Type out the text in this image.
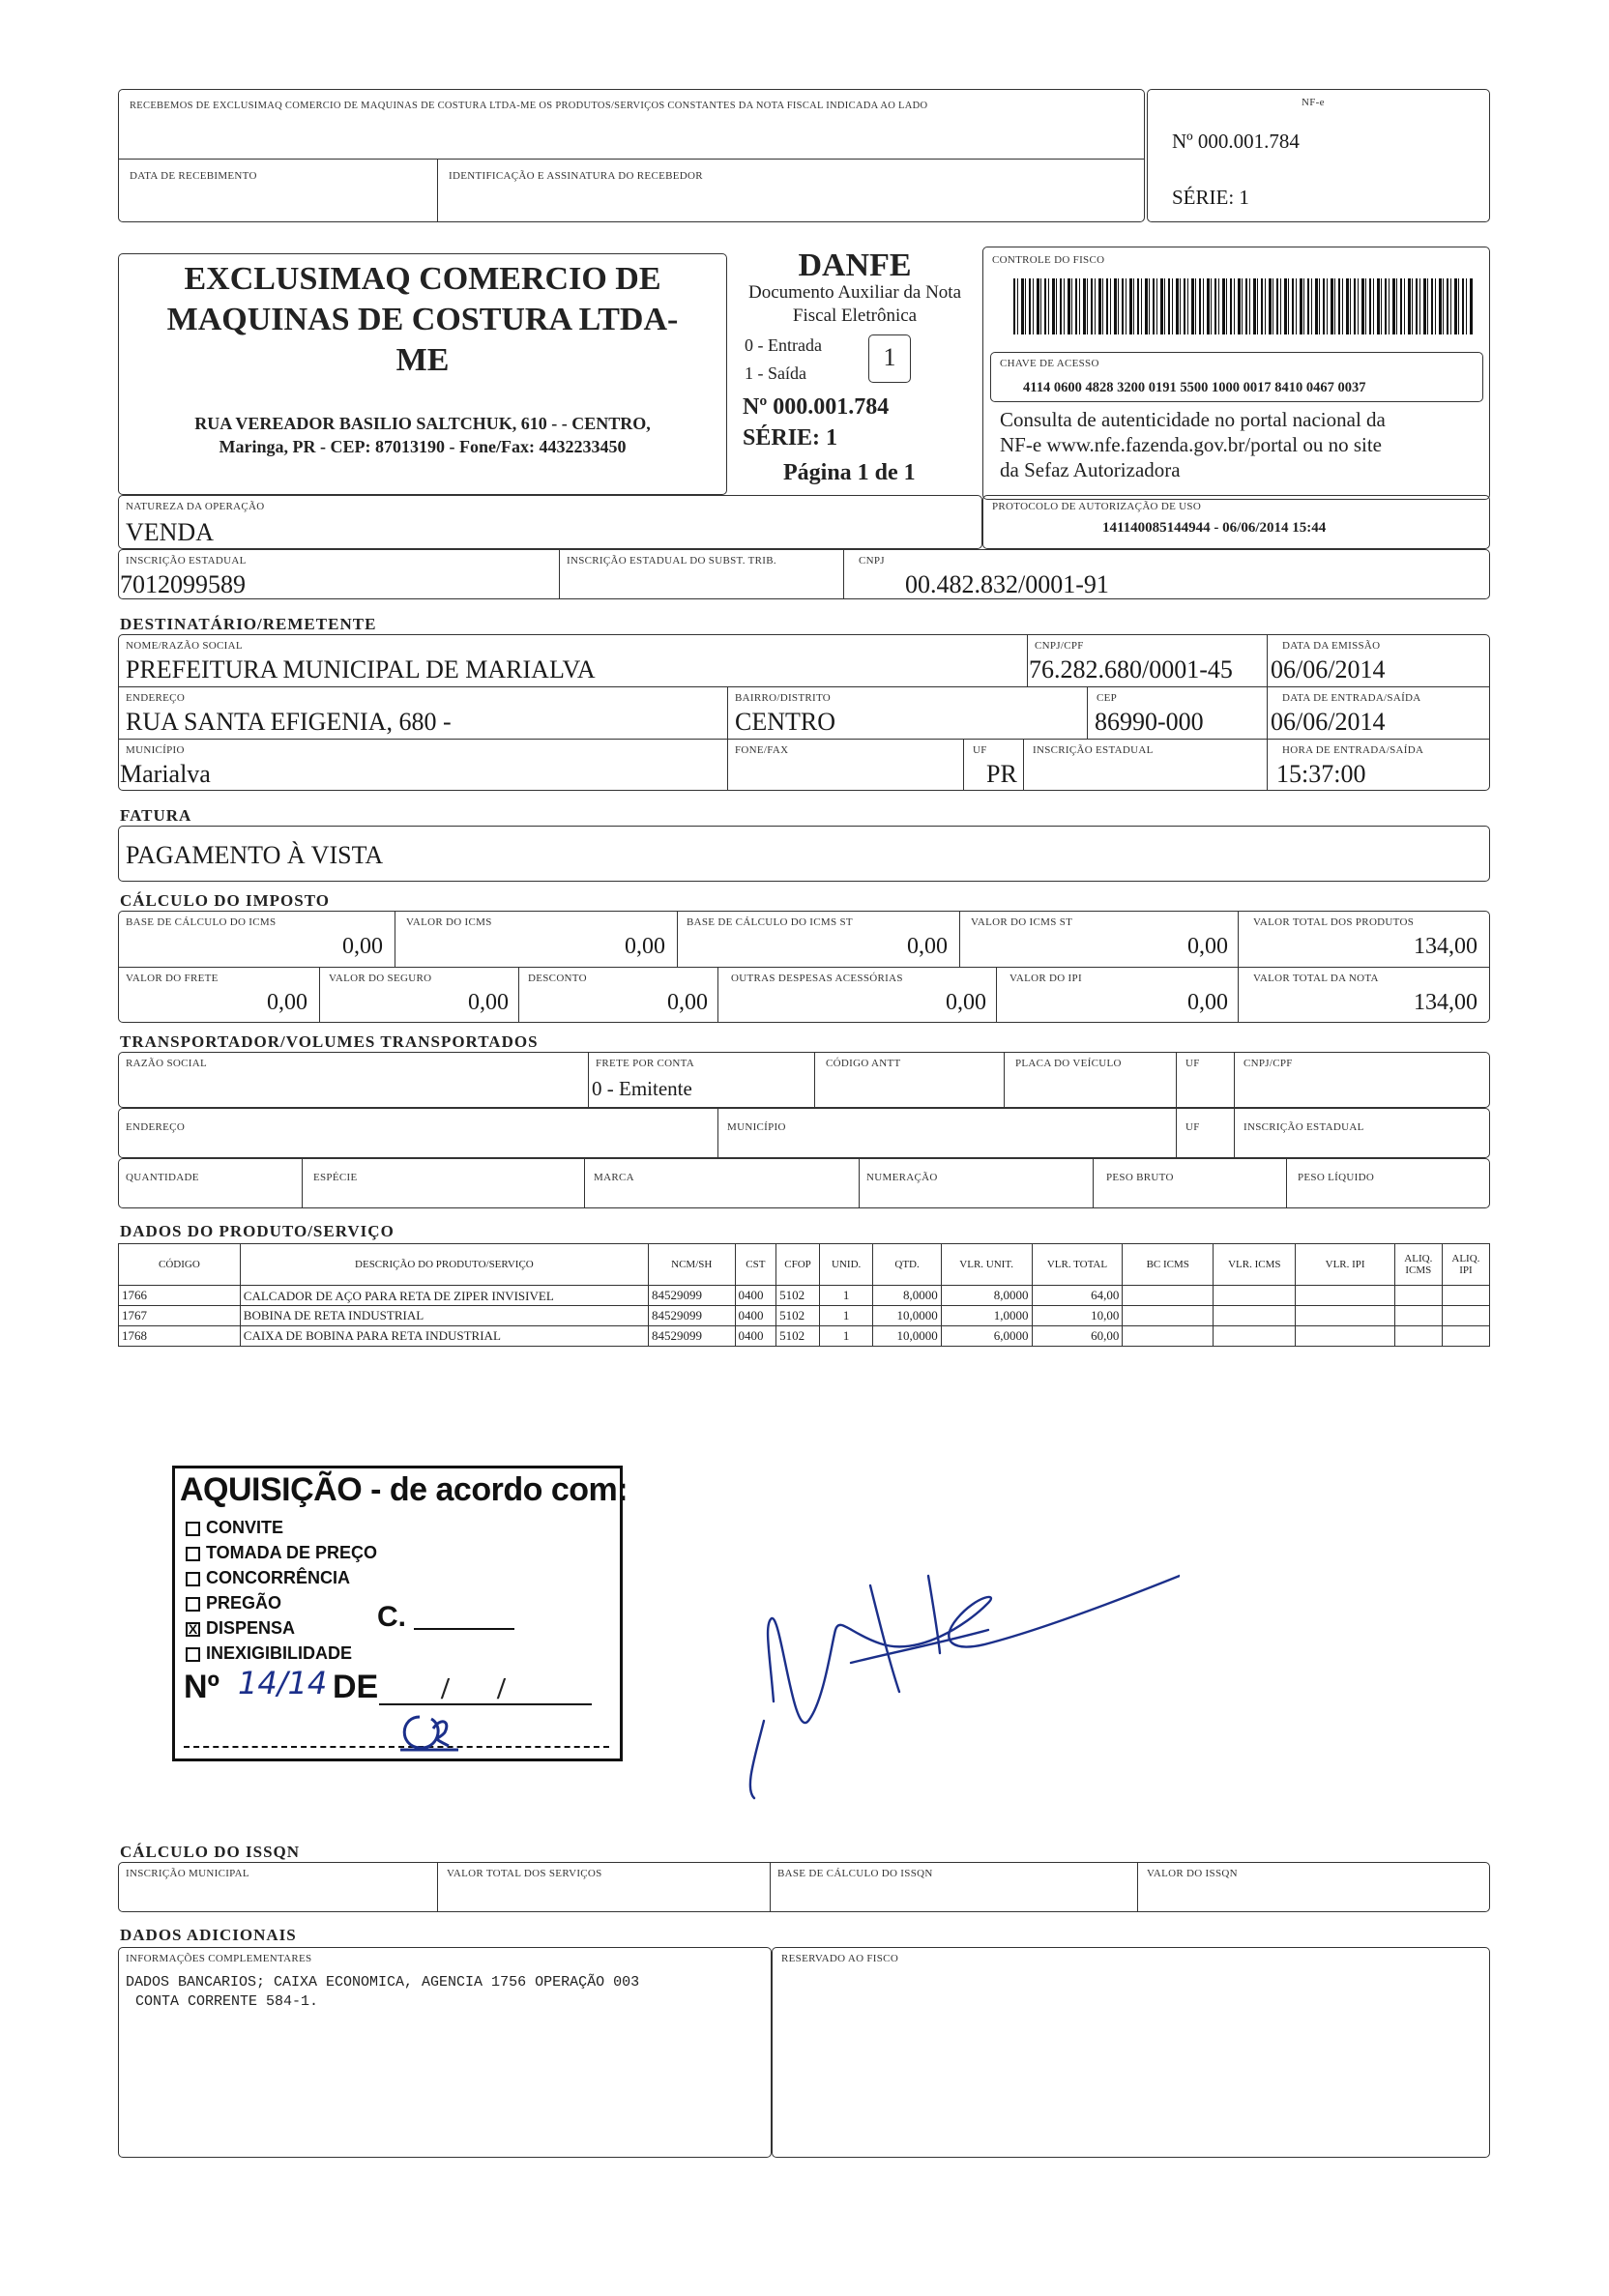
RECEBEMOS DE EXCLUSIMAQ COMERCIO DE MAQUINAS DE COSTURA LTDA-ME OS PRODUTOS/SERVIÇOS CONSTANTES DA NOTA FISCAL INDICADA AO LADO
DATA DE RECEBIMENTO	IDENTIFICAÇÃO E ASSINATURA DO RECEBEDOR
NF-e
Nº 000.001.784
SÉRIE: 1
EXCLUSIMAQ COMERCIO DE
MAQUINAS DE COSTURA LTDA-
ME
RUA VEREADOR BASILIO SALTCHUK, 610 - - CENTRO,
Maringa, PR - CEP: 87013190 - Fone/Fax: 4432233450
DANFE
Documento Auxiliar da Nota
Fiscal Eletrônica
0 - Entrada
1 - Saída
1
Nº 000.001.784
SÉRIE: 1
Página 1 de 1
CONTROLE DO FISCO
CHAVE DE ACESSO
4114 0600 4828 3200 0191 5500 1000 0017 8410 0467 0037
Consulta de autenticidade no portal nacional da
NF-e www.nfe.fazenda.gov.br/portal ou no site
da Sefaz Autorizadora
NATUREZA DA OPERAÇÃO
VENDA
PROTOCOLO DE AUTORIZAÇÃO DE USO
141140085144944 - 06/06/2014 15:44
INSCRIÇÃO ESTADUAL
7012099589
INSCRIÇÃO ESTADUAL DO SUBST. TRIB.	CNPJ
00.482.832/0001-91
DESTINATÁRIO/REMETENTE
NOME/RAZÃO SOCIAL
PREFEITURA MUNICIPAL DE MARIALVA
CNPJ/CPF
76.282.680/0001-45
DATA DA EMISSÃO
06/06/2014
ENDEREÇO
RUA SANTA EFIGENIA, 680 -
BAIRRO/DISTRITO
CENTRO
CEP
86990-000
DATA DE ENTRADA/SAÍDA
06/06/2014
MUNICÍPIO
Marialva
FONE/FAX	UF
PR
INSCRIÇÃO ESTADUAL	HORA DE ENTRADA/SAÍDA
15:37:00
FATURA
PAGAMENTO À VISTA
CÁLCULO DO IMPOSTO
BASE DE CÁLCULO DO ICMS
0,00
VALOR DO ICMS
0,00
BASE DE CÁLCULO DO ICMS ST
0,00
VALOR DO ICMS ST
0,00
VALOR TOTAL DOS PRODUTOS
134,00
VALOR DO FRETE
0,00
VALOR DO SEGURO
0,00
DESCONTO
0,00
OUTRAS DESPESAS ACESSÓRIAS
0,00
VALOR DO IPI
0,00
VALOR TOTAL DA NOTA
134,00
TRANSPORTADOR/VOLUMES TRANSPORTADOS
RAZÃO SOCIAL	FRETE POR CONTA
0 - Emitente
CÓDIGO ANTT	PLACA DO VEÍCULO	UF	CNPJ/CPF
ENDEREÇO	MUNICÍPIO	UF	INSCRIÇÃO ESTADUAL
QUANTIDADE	ESPÉCIE	MARCA	NUMERAÇÃO	PESO BRUTO	PESO LÍQUIDO
DADOS DO PRODUTO/SERVIÇO
CÓDIGO	DESCRIÇÃO DO PRODUTO/SERVIÇO	NCM/SH	CST	CFOP	UNID.	QTD.	VLR. UNIT.	VLR. TOTAL	BC ICMS	VLR. ICMS	VLR. IPI	ALIQ. ICMS	ALIQ. IPI
1766	CALCADOR DE AÇO PARA RETA DE ZIPER INVISIVEL	84529099	0400	5102	1	8,0000	8,0000	64,00					
1767	BOBINA DE RETA INDUSTRIAL	84529099	0400	5102	1	10,0000	1,0000	10,00					
1768	CAIXA DE BOBINA PARA RETA INDUSTRIAL	84529099	0400	5102	1	10,0000	6,0000	60,00					
AQUISIÇÃO - de acordo com:
CONVITE
TOMADA DE PREÇO
CONCORRÊNCIA
PREGÃO
X DISPENSA	C.
INEXIGIBILIDADE
Nº 14/14 DE / /
CÁLCULO DO ISSQN
INSCRIÇÃO MUNICIPAL	VALOR TOTAL DOS SERVIÇOS	BASE DE CÁLCULO DO ISSQN	VALOR DO ISSQN
DADOS ADICIONAIS
INFORMAÇÕES COMPLEMENTARES
DADOS BANCARIOS; CAIXA ECONOMICA, AGENCIA 1756 OPERAÇÃO 003
CONTA CORRENTE 584-1.
RESERVADO AO FISCO
